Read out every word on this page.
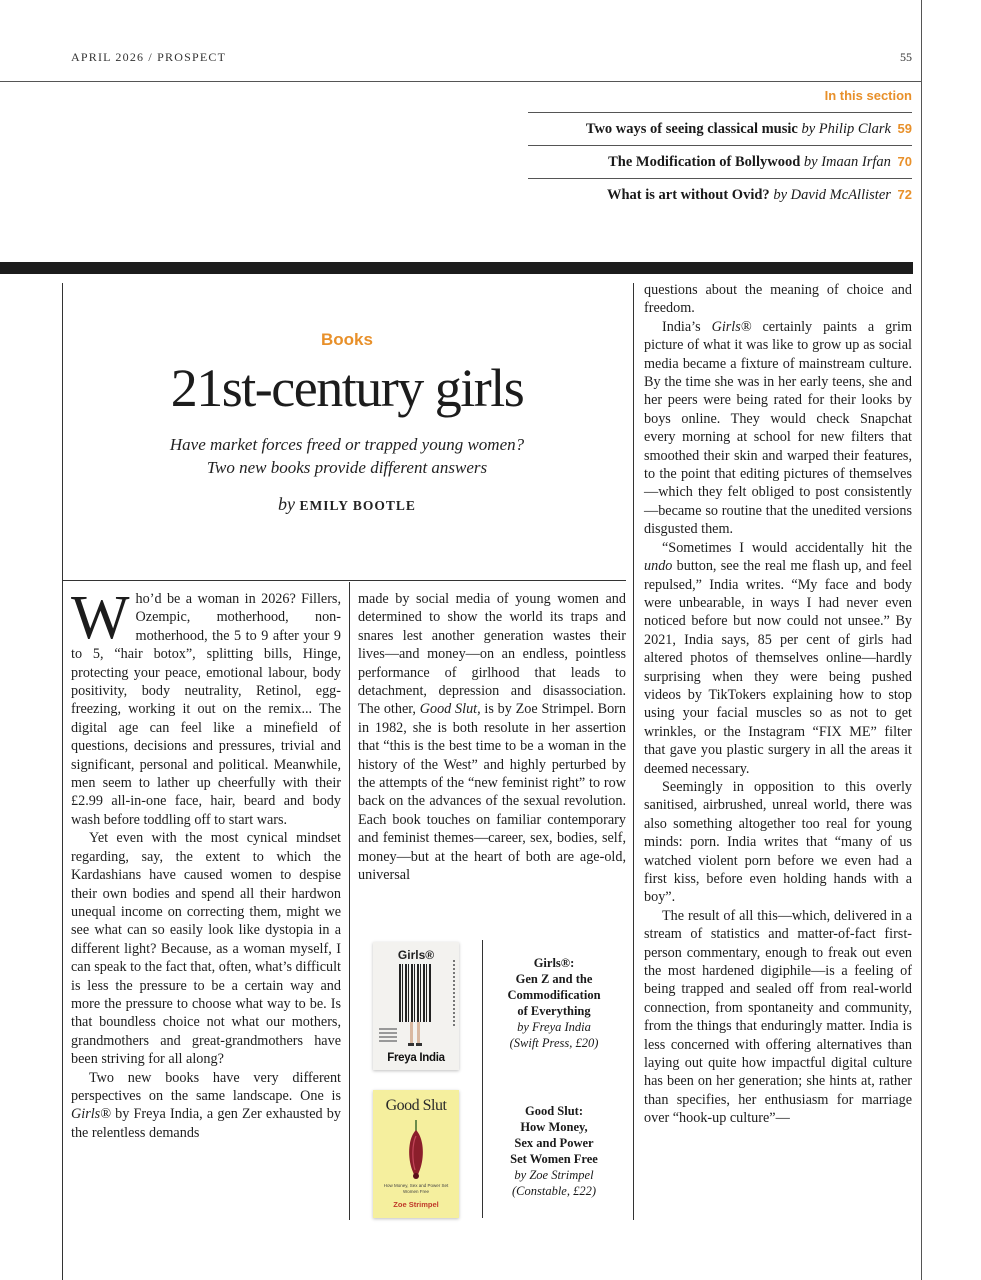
APRIL 2026 / PROSPECT	55
In this section
Two ways of seeing classical music by Philip Clark 59
The Modification of Bollywood by Imaan Irfan 70
What is art without Ovid? by David McAllister 72
Books
21st-century girls
Have market forces freed or trapped young women?
Two new books provide different answers
by EMILY BOOTLE

Who’d be a woman in 2026? Fillers, Ozempic, motherhood, non-motherhood, the 5 to 9 after your 9 to 5, “hair botox”, splitting bills, Hinge, protecting your peace, emotional labour, body positivity, body neutrality, Retinol, egg-freezing, working it out on the remix... The digital age can feel like a minefield of questions, decisions and pressures, trivial and significant, personal and political. Meanwhile, men seem to lather up cheerfully with their £2.99 all-in-one face, hair, beard and body wash before toddling off to start wars.

Yet even with the most cynical mindset regarding, say, the extent to which the Kardashians have caused women to despise their own bodies and spend all their hardwon unequal income on correcting them, might we see what can so easily look like dystopia in a different light? Because, as a woman myself, I can speak to the fact that, often, what’s difficult is less the pressure to be a certain way and more the pressure to choose what way to be. Is that boundless choice not what our mothers, grandmothers and great-grandmothers have been striving for all along?

Two new books have very different perspectives on the same landscape. One is Girls® by Freya India, a gen Zer exhausted by the relentless demands

made by social media of young women and determined to show the world its traps and snares lest another generation wastes their lives—and money—on an endless, pointless performance of girlhood that leads to detachment, depression and disassociation. The other, Good Slut, is by Zoe Strimpel. Born in 1982, she is both resolute in her assertion that “this is the best time to be a woman in the history of the West” and highly perturbed by the attempts of the “new feminist right” to row back on the advances of the sexual revolution. Each book touches on familiar contemporary and feminist themes—career, sex, bodies, self, money—but at the heart of both are age-old, universal

questions about the meaning of choice and freedom.

India’s Girls® certainly paints a grim picture of what it was like to grow up as social media became a fixture of mainstream culture. By the time she was in her early teens, she and her peers were being rated for their looks by boys online. They would check Snapchat every morning at school for new filters that smoothed their skin and warped their features, to the point that editing pictures of themselves—which they felt obliged to post consistently—became so routine that the unedited versions disgusted them.

“Sometimes I would accidentally hit the undo button, see the real me flash up, and feel repulsed,” India writes. “My face and body were unbearable, in ways I had never even noticed before but now could not unsee.” By 2021, India says, 85 per cent of girls had altered photos of themselves online—hardly surprising when they were being pushed videos by TikTokers explaining how to stop using your facial muscles so as not to get wrinkles, or the Instagram “FIX ME” filter that gave you plastic surgery in all the areas it deemed necessary.

Seemingly in opposition to this overly sanitised, airbrushed, unreal world, there was also something altogether too real for young minds: porn. India writes that “many of us watched violent porn before we even had a first kiss, before even holding hands with a boy”.

The result of all this—which, delivered in a stream of statistics and matter-of-fact first-person commentary, enough to freak out even the most hardened digiphile—is a feeling of being trapped and sealed off from real-world connection, from spontaneity and community, from the things that enduringly matter. India is less concerned with offering alternatives than laying out quite how impactful digital culture has been on her generation; she hints at, rather than specifies, her enthusiasm for marriage over “hook-up culture”—

Girls®
Freya India
Girls®:
Gen Z and the
Commodification
of Everything
by Freya India
(Swift Press, £20)
Good Slut
How Money, Sex and Power Set Women Free
Zoe Strimpel
Good Slut:
How Money,
Sex and Power
Set Women Free
by Zoe Strimpel
(Constable, £22)
